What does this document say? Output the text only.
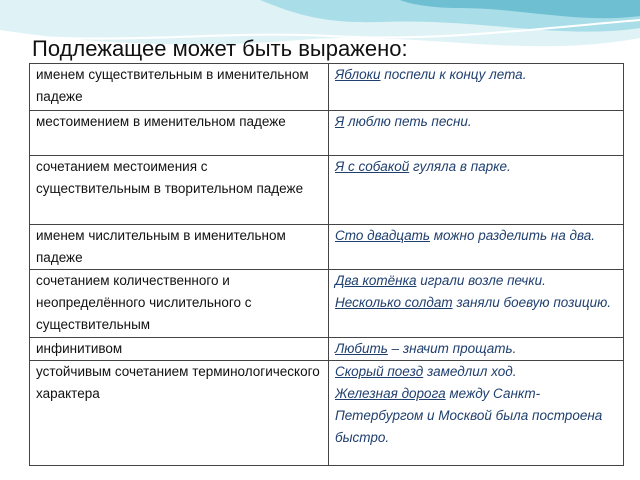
Подлежащее может быть выражено:
именем существительным в именительном падеже	Яблоки поспели к концу лета.

местоимением в именительном падеже	Я люблю петь песни.

сочетанием местоимения с существительным в творительном падеже	Я с собакой гуляла в парке.

именем числительным в именительном падеже	Сто двадцать можно разделить на два.

сочетанием количественного и неопределённого числительного с существительным	Два котёнка играли возле печки.
Несколько солдат заняли боевую позицию.

инфинитивом	Любить – значит прощать.

устойчивым сочетанием терминологического характера	Скорый поезд замедлил ход.
Железная дорога между Санкт-Петербургом и Москвой была построена быстро.
